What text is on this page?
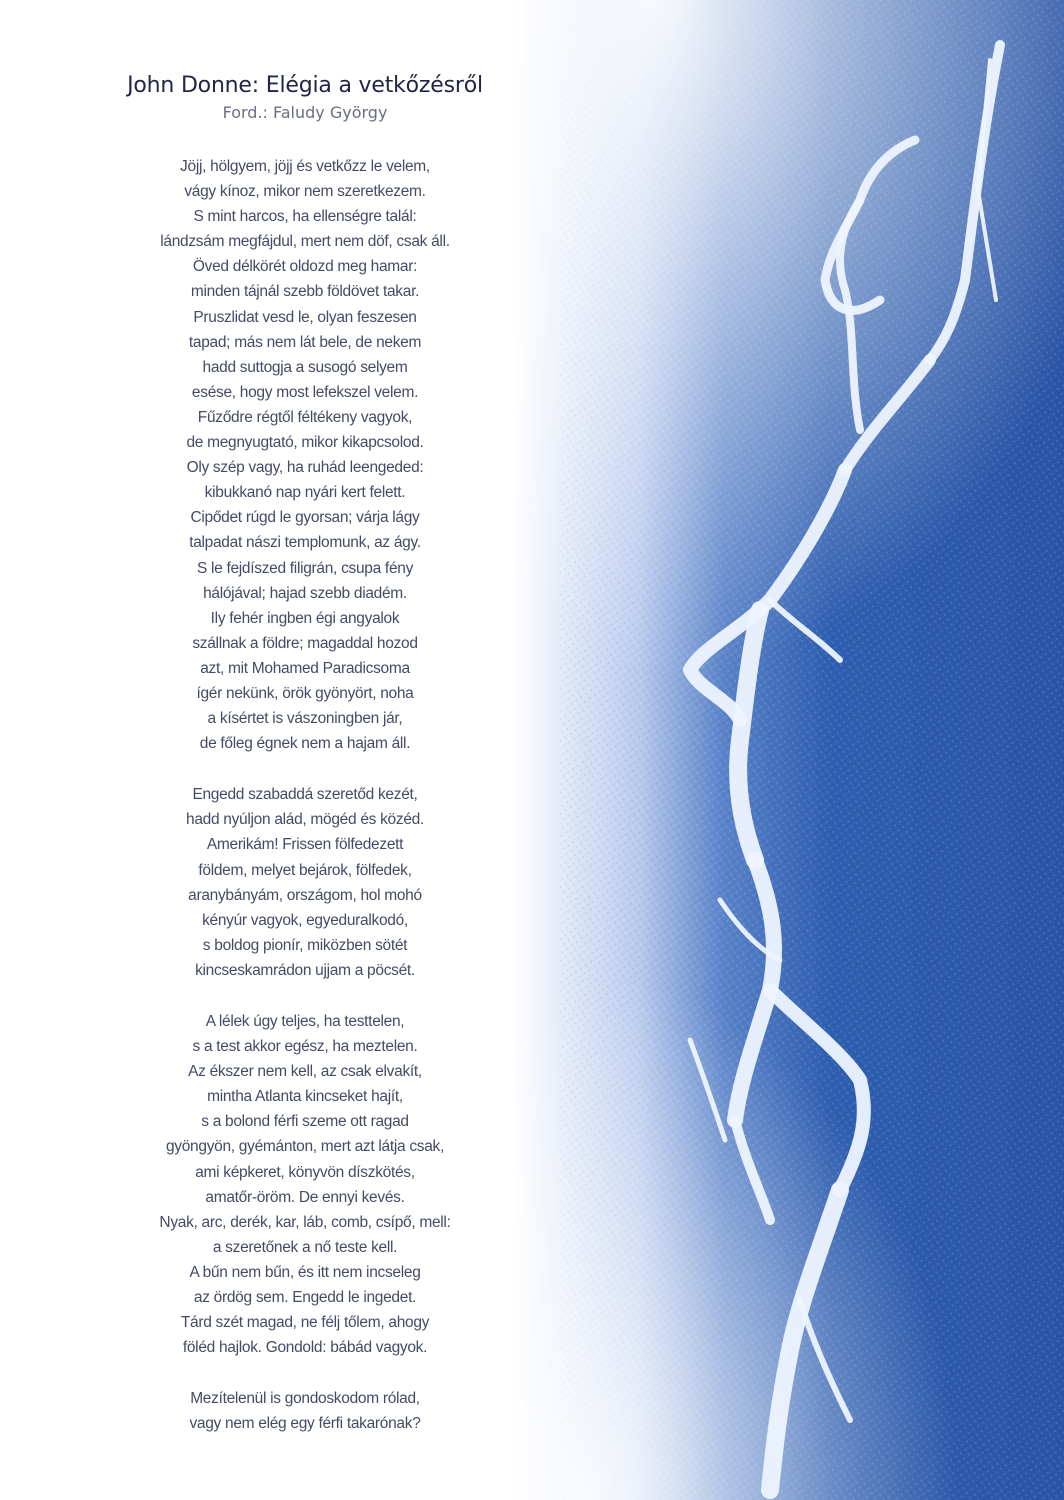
John Donne: Elégia a vetkőzésről

Ford.: Faludy György

Jöjj, hölgyem, jöjj és vetkőzz le velem,
vágy kínoz, mikor nem szeretkezem.
S mint harcos, ha ellenségre talál:
lándzsám megfájdul, mert nem döf, csak áll.
Öved délkörét oldozd meg hamar:
minden tájnál szebb földövet takar.
Pruszlidat vesd le, olyan feszesen
tapad; más nem lát bele, de nekem
hadd suttogja a susogó selyem
esése, hogy most lefekszel velem.
Fűződre régtől féltékeny vagyok,
de megnyugtató, mikor kikapcsolod.
Oly szép vagy, ha ruhád leengeded:
kibukkanó nap nyári kert felett.
Cipődet rúgd le gyorsan; várja lágy
talpadat nászi templomunk, az ágy.
S le fejdíszed filigrán, csupa fény
hálójával; hajad szebb diadém.
Ily fehér ingben égi angyalok
szállnak a földre; magaddal hozod
azt, mit Mohamed Paradicsoma
ígér nekünk, örök gyönyört, noha
a kísértet is vászoningben jár,
de főleg égnek nem a hajam áll.
Engedd szabaddá szeretőd kezét,
hadd nyúljon alád, mögéd és közéd.
Amerikám! Frissen fölfedezett
földem, melyet bejárok, fölfedek,
aranybányám, országom, hol mohó
kényúr vagyok, egyeduralkodó,
s boldog pionír, miközben sötét
kincseskamrádon ujjam a pöcsét.
A lélek úgy teljes, ha testtelen,
s a test akkor egész, ha meztelen.
Az ékszer nem kell, az csak elvakít,
mintha Atlanta kincseket hajít,
s a bolond férfi szeme ott ragad
gyöngyön, gyémánton, mert azt látja csak,
ami képkeret, könyvön díszkötés,
amatőr-öröm. De ennyi kevés.
Nyak, arc, derék, kar, láb, comb, csípő, mell:
a szeretőnek a nő teste kell.
A bűn nem bűn, és itt nem incseleg
az ördög sem. Engedd le ingedet.
Tárd szét magad, ne félj tőlem, ahogy
föléd hajlok. Gondold: bábád vagyok.
Mezítelenül is gondoskodom rólad,
vagy nem elég egy férfi takarónak?
